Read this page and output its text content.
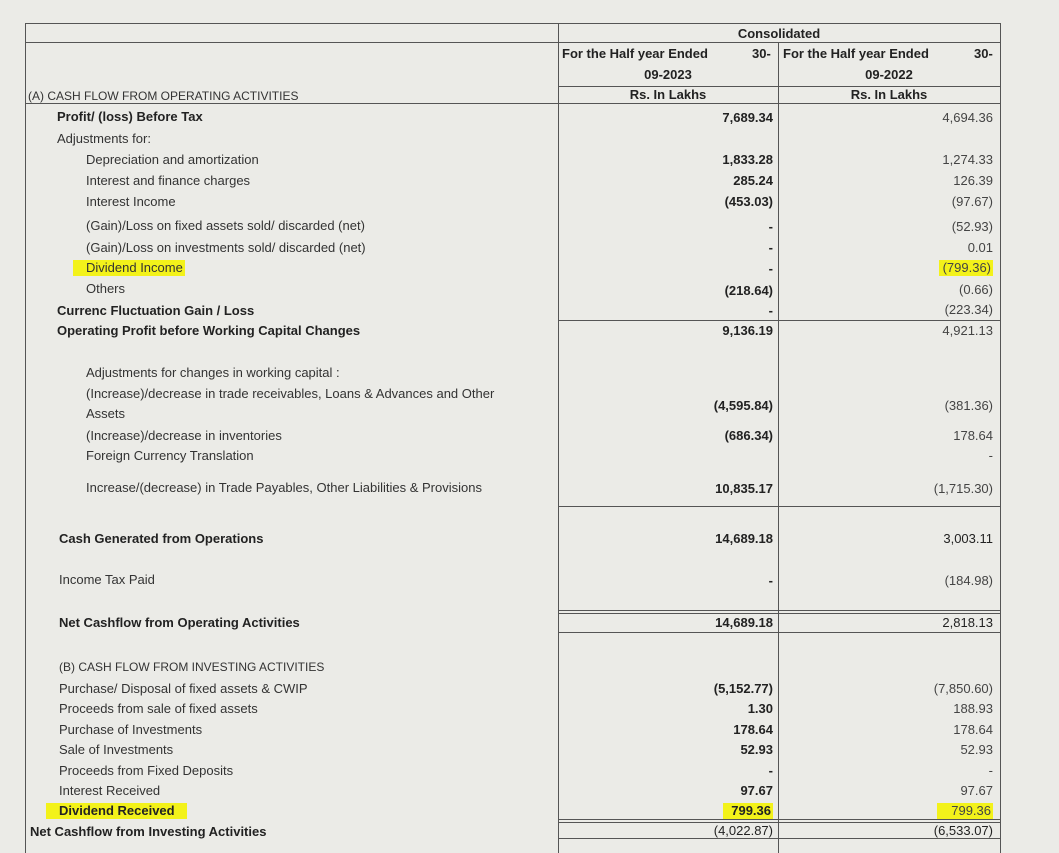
Consolidated
For the Half year Ended	30-
09-2023
Rs. In Lakhs
For the Half year Ended	30-
09-2022
Rs. In Lakhs
(A) CASH FLOW FROM OPERATING ACTIVITIES
Profit/ (loss) Before Tax
Adjustments for:
Depreciation and amortization
Interest and finance charges
Interest Income
(Gain)/Loss on fixed assets sold/ discarded (net)
(Gain)/Loss on investments sold/ discarded (net)
Dividend Income
Others
Currenc Fluctuation Gain / Loss
Operating Profit before Working Capital Changes
Adjustments for changes in working capital :
(Increase)/decrease in trade receivables, Loans & Advances and Other
Assets
(Increase)/decrease in inventories
Foreign Currency Translation
Increase/(decrease) in Trade Payables, Other Liabilities & Provisions
Cash Generated from Operations
Income Tax Paid
Net Cashflow from Operating Activities
(B) CASH FLOW FROM INVESTING ACTIVITIES
Purchase/ Disposal of fixed assets & CWIP
Proceeds from sale of fixed assets
Purchase of Investments
Sale of Investments
Proceeds from Fixed Deposits
Interest Received
Dividend Received
Net Cashflow from Investing Activities
7,689.34
1,833.28
285.24
(453.03)
-
-
-
(218.64)
-
9,136.19
(4,595.84)
(686.34)
10,835.17
14,689.18
-
14,689.18
(5,152.77)
1.30
178.64
52.93
-
97.67
799.36
(4,022.87)
4,694.36
1,274.33
126.39
(97.67)
(52.93)
0.01
(799.36)
(0.66)
(223.34)
4,921.13
(381.36)
178.64
-
(1,715.30)
3,003.11
(184.98)
2,818.13
(7,850.60)
188.93
178.64
52.93
-
97.67
799.36
(6,533.07)
